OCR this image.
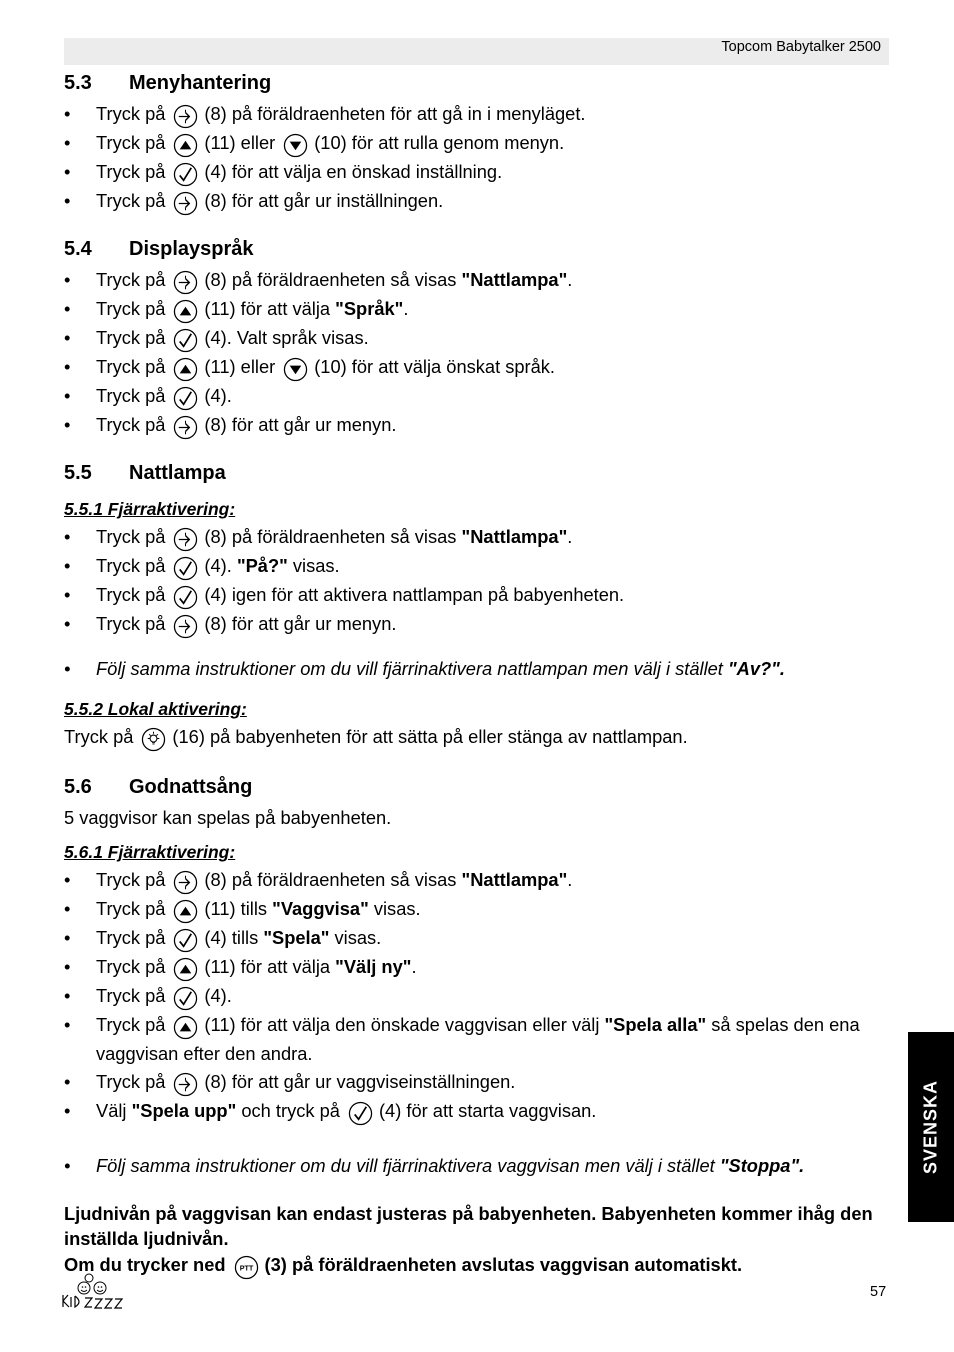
Topcom Babytalker 2500
5.3 Menyhantering
• Tryck på (8) på föräldraenheten för att gå in i menyläget.
• Tryck på (11) eller (10) för att rulla genom menyn.
• Tryck på (4) för att välja en önskad inställning.
• Tryck på (8) för att går ur inställningen.
5.4 Displayspråk
• Tryck på (8) på föräldraenheten så visas "Nattlampa".
• Tryck på (11) för att välja "Språk".
• Tryck på (4). Valt språk visas.
• Tryck på (11) eller (10) för att välja önskat språk.
• Tryck på (4).
• Tryck på (8) för att går ur menyn.
5.5 Nattlampa

5.5.1 Fjärraktivering:

• Tryck på (8) på föräldraenheten så visas "Nattlampa".
• Tryck på (4). "På?" visas.
• Tryck på (4) igen för att aktivera nattlampan på babyenheten.
• Tryck på (8) för att går ur menyn.
• Följ samma instruktioner om du vill fjärrinaktivera nattlampan men välj i stället "Av?".

5.5.2 Lokal aktivering:

Tryck på (16) på babyenheten för att sätta på eller stänga av nattlampan.

5.6 Godnattsång

5 vaggvisor kan spelas på babyenheten.

5.6.1 Fjärraktivering:

• Tryck på (8) på föräldraenheten så visas "Nattlampa".
• Tryck på (11) tills "Vaggvisa" visas.
• Tryck på (4) tills "Spela" visas.
• Tryck på (11) för att välja "Välj ny".
• Tryck på (4).
• Tryck på (11) för att välja den önskade vaggvisan eller välj "Spela alla" så spelas den ena vaggvisan efter den andra.
• Tryck på (8) för att går ur vaggviseinställningen.
• Välj "Spela upp" och tryck på (4) för att starta vaggvisan.
• Följ samma instruktioner om du vill fjärrinaktivera vaggvisan men välj i stället "Stoppa".

Ljudnivån på vaggvisan kan endast justeras på babyenheten. Babyenheten kommer ihåg den inställda ljudnivån.

Om du trycker ned (3) på föräldraenheten avslutas vaggvisan automatiskt.

SVENSKA
57
